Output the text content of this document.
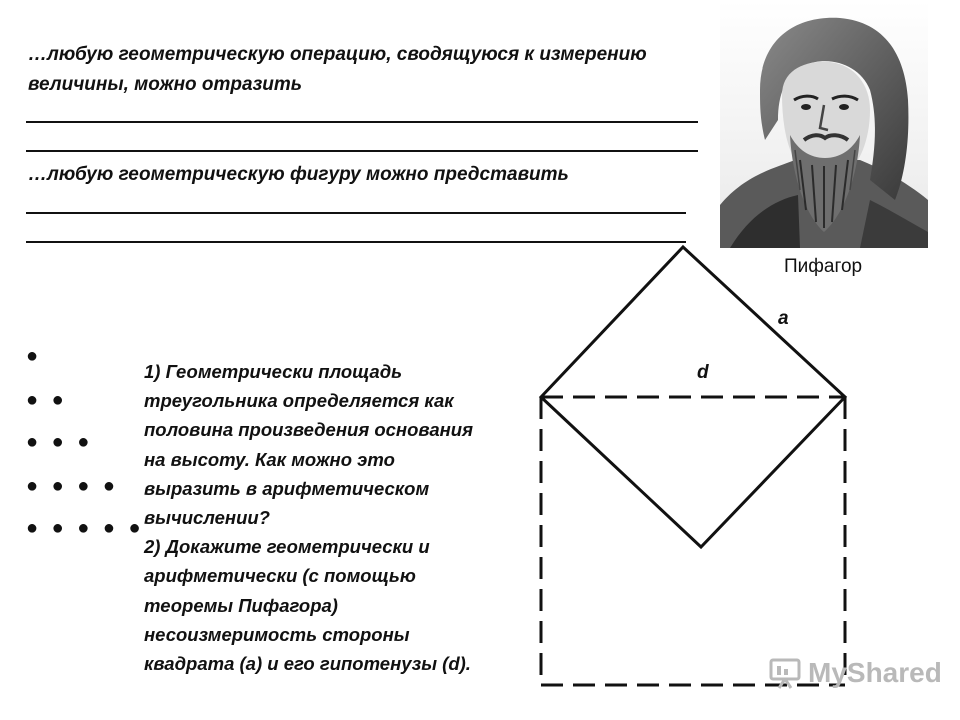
…любую геометрическую операцию, сводящуюся к измерению
величины, можно отразить
…любую геометрическую фигуру можно представить
●
● ●
● ● ●
● ● ● ●
● ● ● ● ●
1) Геометрически площадь
треугольника определяется как
половина произведения основания
на высоту. Как можно это
выразить в арифметическом
вычислении?
2) Докажите геометрически и
арифметически (с помощью
теоремы Пифагора)
несоизмеримость стороны
квадрата (a) и его гипотенузы (d).
Пифагор
a
d
MyShared
